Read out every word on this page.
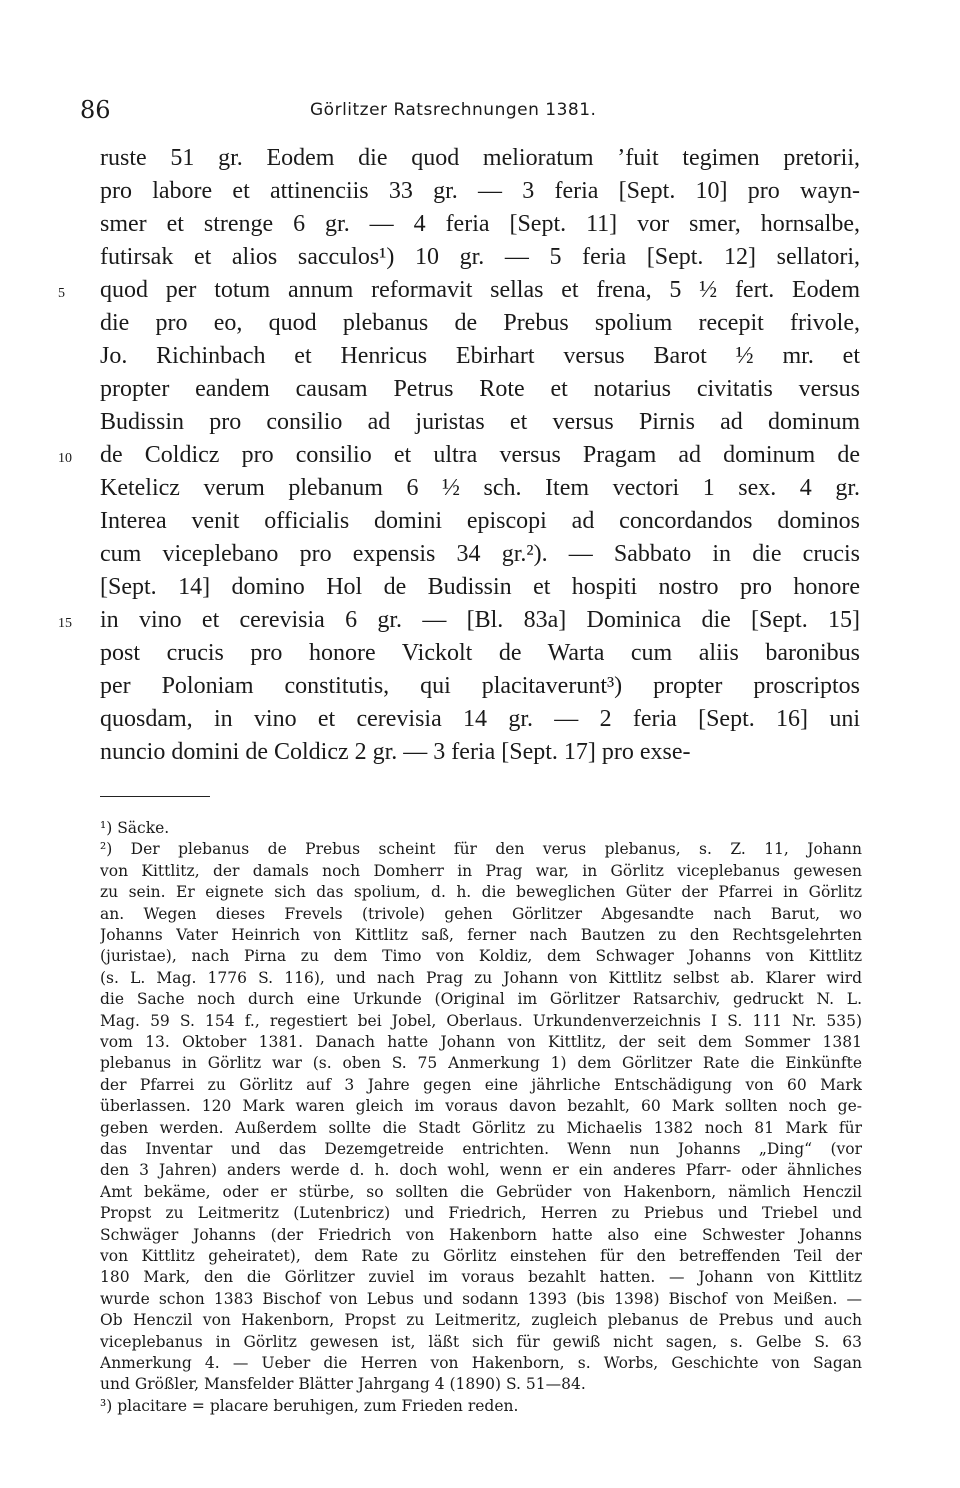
86	Görlitzer Ratsrechnungen 1381.
ruste 51 gr. Eodem die quod melioratum ’fuit tegimen pretorii,
pro labore et attinenciis 33 gr. — 3 feria [Sept. 10] pro wayn-
smer et strenge 6 gr. — 4 feria [Sept. 11] vor smer, hornsalbe,
futirsak et alios sacculos¹) 10 gr. — 5 feria [Sept. 12] sellatori,
quod per totum annum reformavit sellas et frena, 5 ½ fert. Eodem
5
die pro eo, quod plebanus de Prebus spolium recepit frivole,
Jo. Richinbach et Henricus Ebirhart versus Barot ½ mr. et
propter eandem causam Petrus Rote et notarius civitatis versus
Budissin pro consilio ad juristas et versus Pirnis ad dominum
de Coldicz pro consilio et ultra versus Pragam ad dominum de
10
Ketelicz verum plebanum 6 ½ sch. Item vectori 1 sex. 4 gr.
Interea venit officialis domini episcopi ad concordandos dominos
cum viceplebano pro expensis 34 gr.²). — Sabbato in die crucis
[Sept. 14] domino Hol de Budissin et hospiti nostro pro honore
in vino et cerevisia 6 gr. — [Bl. 83a] Dominica die [Sept. 15]
15
post crucis pro honore Vickolt de Warta cum aliis baronibus
per Poloniam constitutis, qui placitaverunt³) propter proscriptos
quosdam, in vino et cerevisia 14 gr. — 2 feria [Sept. 16] uni
nuncio domini de Coldicz 2 gr. — 3 feria [Sept. 17] pro exse-
¹) Säcke.
²) Der plebanus de Prebus scheint für den verus plebanus, s. Z. 11, Johann
von Kittlitz, der damals noch Domherr in Prag war, in Görlitz viceplebanus gewesen
zu sein. Er eignete sich das spolium, d. h. die beweglichen Güter der Pfarrei in Görlitz
an. Wegen dieses Frevels (trivole) gehen Görlitzer Abgesandte nach Barut, wo
Johanns Vater Heinrich von Kittlitz saß, ferner nach Bautzen zu den Rechtsgelehrten
(juristae), nach Pirna zu dem Timo von Koldiz, dem Schwager Johanns von Kittlitz
(s. L. Mag. 1776 S. 116), und nach Prag zu Johann von Kittlitz selbst ab. Klarer wird
die Sache noch durch eine Urkunde (Original im Görlitzer Ratsarchiv, gedruckt N. L.
Mag. 59 S. 154 f., regestiert bei Jobel, Oberlaus. Urkundenverzeichnis I S. 111 Nr. 535)
vom 13. Oktober 1381. Danach hatte Johann von Kittlitz, der seit dem Sommer 1381
plebanus in Görlitz war (s. oben S. 75 Anmerkung 1) dem Görlitzer Rate die Einkünfte
der Pfarrei zu Görlitz auf 3 Jahre gegen eine jährliche Entschädigung von 60 Mark
überlassen. 120 Mark waren gleich im voraus davon bezahlt, 60 Mark sollten noch ge-
geben werden. Außerdem sollte die Stadt Görlitz zu Michaelis 1382 noch 81 Mark für
das Inventar und das Dezemgetreide entrichten. Wenn nun Johanns „Ding“ (vor
den 3 Jahren) anders werde d. h. doch wohl, wenn er ein anderes Pfarr- oder ähnliches
Amt bekäme, oder er stürbe, so sollten die Gebrüder von Hakenborn, nämlich Henczil
Propst zu Leitmeritz (Lutenbricz) und Friedrich, Herren zu Priebus und Triebel und
Schwäger Johanns (der Friedrich von Hakenborn hatte also eine Schwester Johanns
von Kittlitz geheiratet), dem Rate zu Görlitz einstehen für den betreffenden Teil der
180 Mark, den die Görlitzer zuviel im voraus bezahlt hatten. — Johann von Kittlitz
wurde schon 1383 Bischof von Lebus und sodann 1393 (bis 1398) Bischof von Meißen. —
Ob Henczil von Hakenborn, Propst zu Leitmeritz, zugleich plebanus de Prebus und auch
viceplebanus in Görlitz gewesen ist, läßt sich für gewiß nicht sagen, s. Gelbe S. 63
Anmerkung 4. — Ueber die Herren von Hakenborn, s. Worbs, Geschichte von Sagan
und Größler, Mansfelder Blätter Jahrgang 4 (1890) S. 51—84.
³) placitare = placare beruhigen, zum Frieden reden.
